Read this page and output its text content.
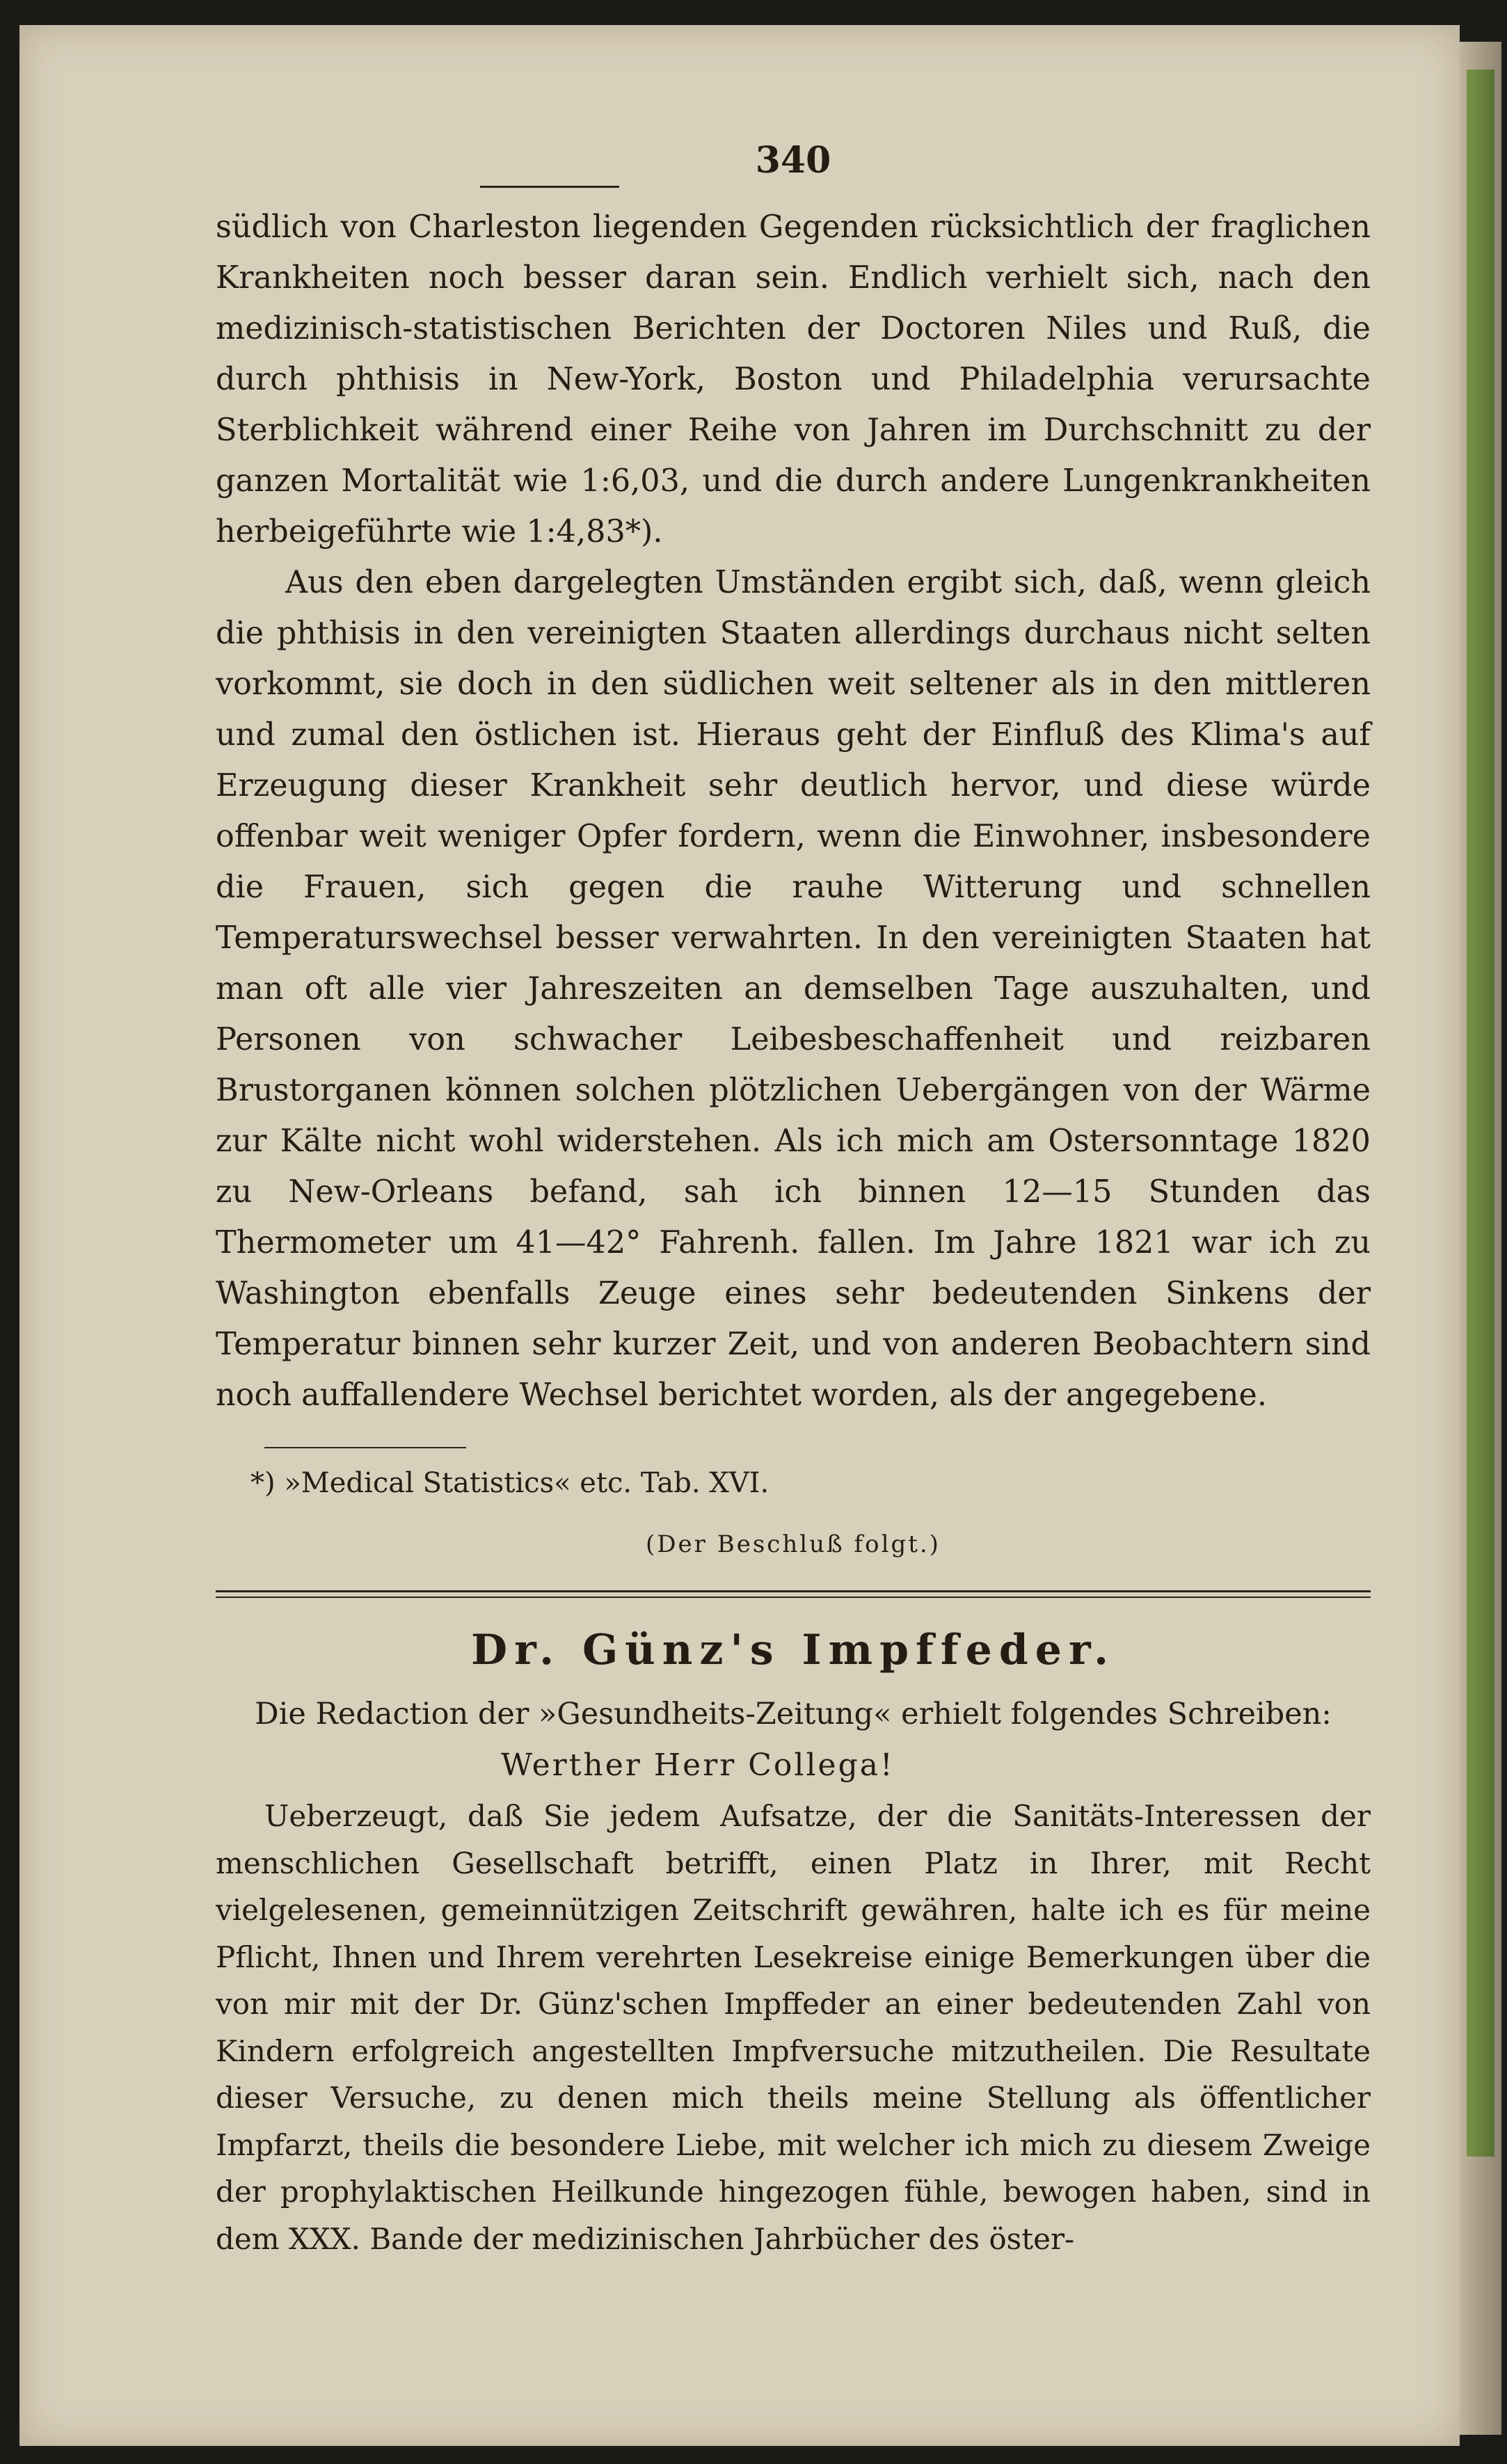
340

südlich von Charleston liegenden Gegenden rücksichtlich der fraglichen Krankheiten noch besser daran sein. Endlich verhielt sich, nach den medizinisch-statistischen Berichten der Doctoren Niles und Ruß, die durch phthisis in New-York, Boston und Philadelphia verursachte Sterblichkeit während einer Reihe von Jahren im Durchschnitt zu der ganzen Mortalität wie 1:6,03, und die durch andere Lungenkrankheiten herbeigeführte wie 1:4,83*).

Aus den eben dargelegten Umständen ergibt sich, daß, wenn gleich die phthisis in den vereinigten Staaten allerdings durchaus nicht selten vorkommt, sie doch in den südlichen weit seltener als in den mittleren und zumal den östlichen ist. Hieraus geht der Einfluß des Klima's auf Erzeugung dieser Krankheit sehr deutlich hervor, und diese würde offenbar weit weniger Opfer fordern, wenn die Einwohner, insbesondere die Frauen, sich gegen die rauhe Witterung und schnellen Temperaturswechsel besser verwahrten. In den vereinigten Staaten hat man oft alle vier Jahreszeiten an demselben Tage auszuhalten, und Personen von schwacher Leibesbeschaffenheit und reizbaren Brustorganen können solchen plötzlichen Uebergängen von der Wärme zur Kälte nicht wohl widerstehen. Als ich mich am Ostersonntage 1820 zu New-Orleans befand, sah ich binnen 12—15 Stunden das Thermometer um 41—42° Fahrenh. fallen. Im Jahre 1821 war ich zu Washington ebenfalls Zeuge eines sehr bedeutenden Sinkens der Temperatur binnen sehr kurzer Zeit, und von anderen Beobachtern sind noch auffallendere Wechsel berichtet worden, als der angegebene.

*) »Medical Statistics« etc. Tab. XVI.
(Der Beschluß folgt.)
Dr. Günz's Impffeder.

Die Redaction der »Gesundheits-Zeitung« erhielt folgendes Schreiben:

Werther Herr Collega!

Ueberzeugt, daß Sie jedem Aufsatze, der die Sanitäts-Interessen der menschlichen Gesellschaft betrifft, einen Platz in Ihrer, mit Recht vielgelesenen, gemeinnützigen Zeitschrift gewähren, halte ich es für meine Pflicht, Ihnen und Ihrem verehrten Lesekreise einige Bemerkungen über die von mir mit der Dr. Günz'schen Impffeder an einer bedeutenden Zahl von Kindern erfolgreich angestellten Impfversuche mitzutheilen. Die Resultate dieser Versuche, zu denen mich theils meine Stellung als öffentlicher Impfarzt, theils die besondere Liebe, mit welcher ich mich zu diesem Zweige der prophylaktischen Heilkunde hingezogen fühle, bewogen haben, sind in dem XXX. Bande der medizinischen Jahrbücher des öster-
